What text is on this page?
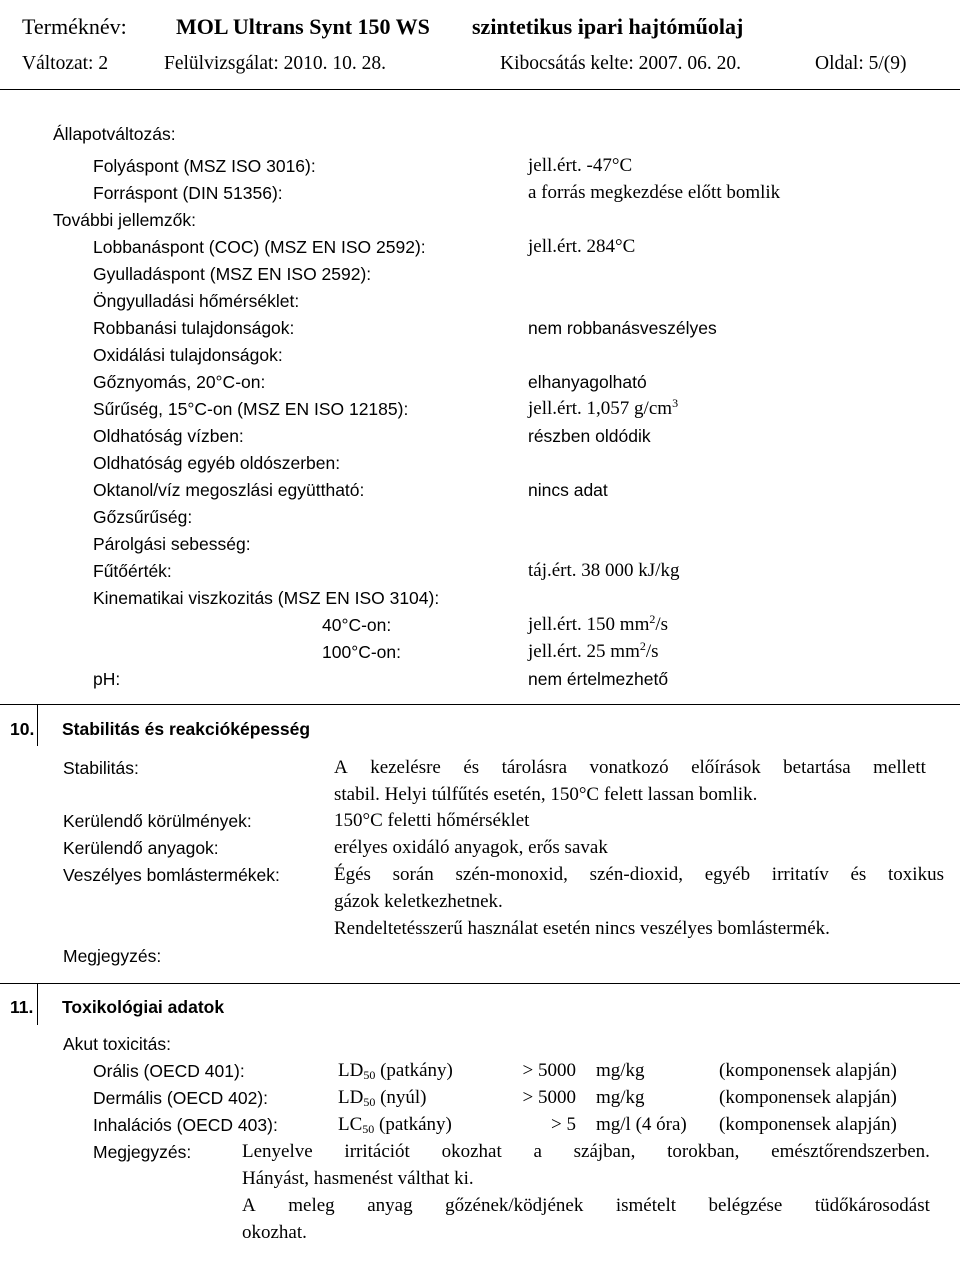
Terméknév: MOL Ultrans Synt 150 WS szintetikus ipari hajtóműolaj
Változat: 2	Felülvizsgálat: 2010. 10. 28.	Kibocsátás kelte: 2007. 06. 20.	Oldal: 5/(9)
Állapotváltozás:
Folyáspont (MSZ ISO 3016):	jell.ért. -47°C
Forráspont (DIN 51356):	a forrás megkezdése előtt bomlik
További jellemzők:
Lobbanáspont (COC) (MSZ EN ISO 2592):	jell.ért. 284°C
Gyulladáspont (MSZ EN ISO 2592):
Öngyulladási hőmérséklet:
Robbanási tulajdonságok:	nem robbanásveszélyes
Oxidálási tulajdonságok:
Gőznyomás, 20°C-on:	elhanyagolható
Sűrűség, 15°C-on (MSZ EN ISO 12185):	jell.ért. 1,057 $g/cm^3$
Oldhatóság vízben:	részben oldódik
Oldhatóság egyéb oldószerben:
Oktanol/víz megoszlási együttható:	nincs adat
Gőzsűrűség:
Párolgási sebesség:
Fűtőérték:	táj.ért. 38 000 kJ/kg
Kinematikai viszkozitás (MSZ EN ISO 3104):
40°C-on:	jell.ért. 150 $mm^2/s$
100°C-on:	jell.ért. 25 $mm^2/s$
pH:	nem értelmezhető
10. Stabilitás és reakcióképesség
Stabilitás:	A kezelésre és tárolásra vonatkozó előírások betartása mellett
stabil. Helyi túlfűtés esetén, 150°C felett lassan bomlik.
Kerülendő körülmények:	150°C feletti hőmérséklet
Kerülendő anyagok:	erélyes oxidáló anyagok, erős savak
Veszélyes bomlástermékek:	Égés során szén-monoxid, szén-dioxid, egyéb irritatív és toxikus
gázok keletkezhetnek.
Rendeltetésszerű használat esetén nincs veszélyes bomlástermék.
Megjegyzés:
11. Toxikológiai adatok
Akut toxicitás:
Orális (OECD 401):	$LD_{50}$ (patkány)	> 5000 mg/kg	(komponensek alapján)
Dermális (OECD 402):	$LD_{50}$ (nyúl)	> 5000 mg/kg	(komponensek alapján)
Inhalációs (OECD 403):	$LC_{50}$ (patkány)	> 5 mg/l (4 óra) (komponensek alapján)
Megjegyzés:	Lenyelve irritációt okozhat a szájban, torokban, emésztőrendszerben.
Hányást, hasmenést válthat ki.
A meleg anyag gőzének/ködjének ismételt belégzése tüdőkárosodást
okozhat.
